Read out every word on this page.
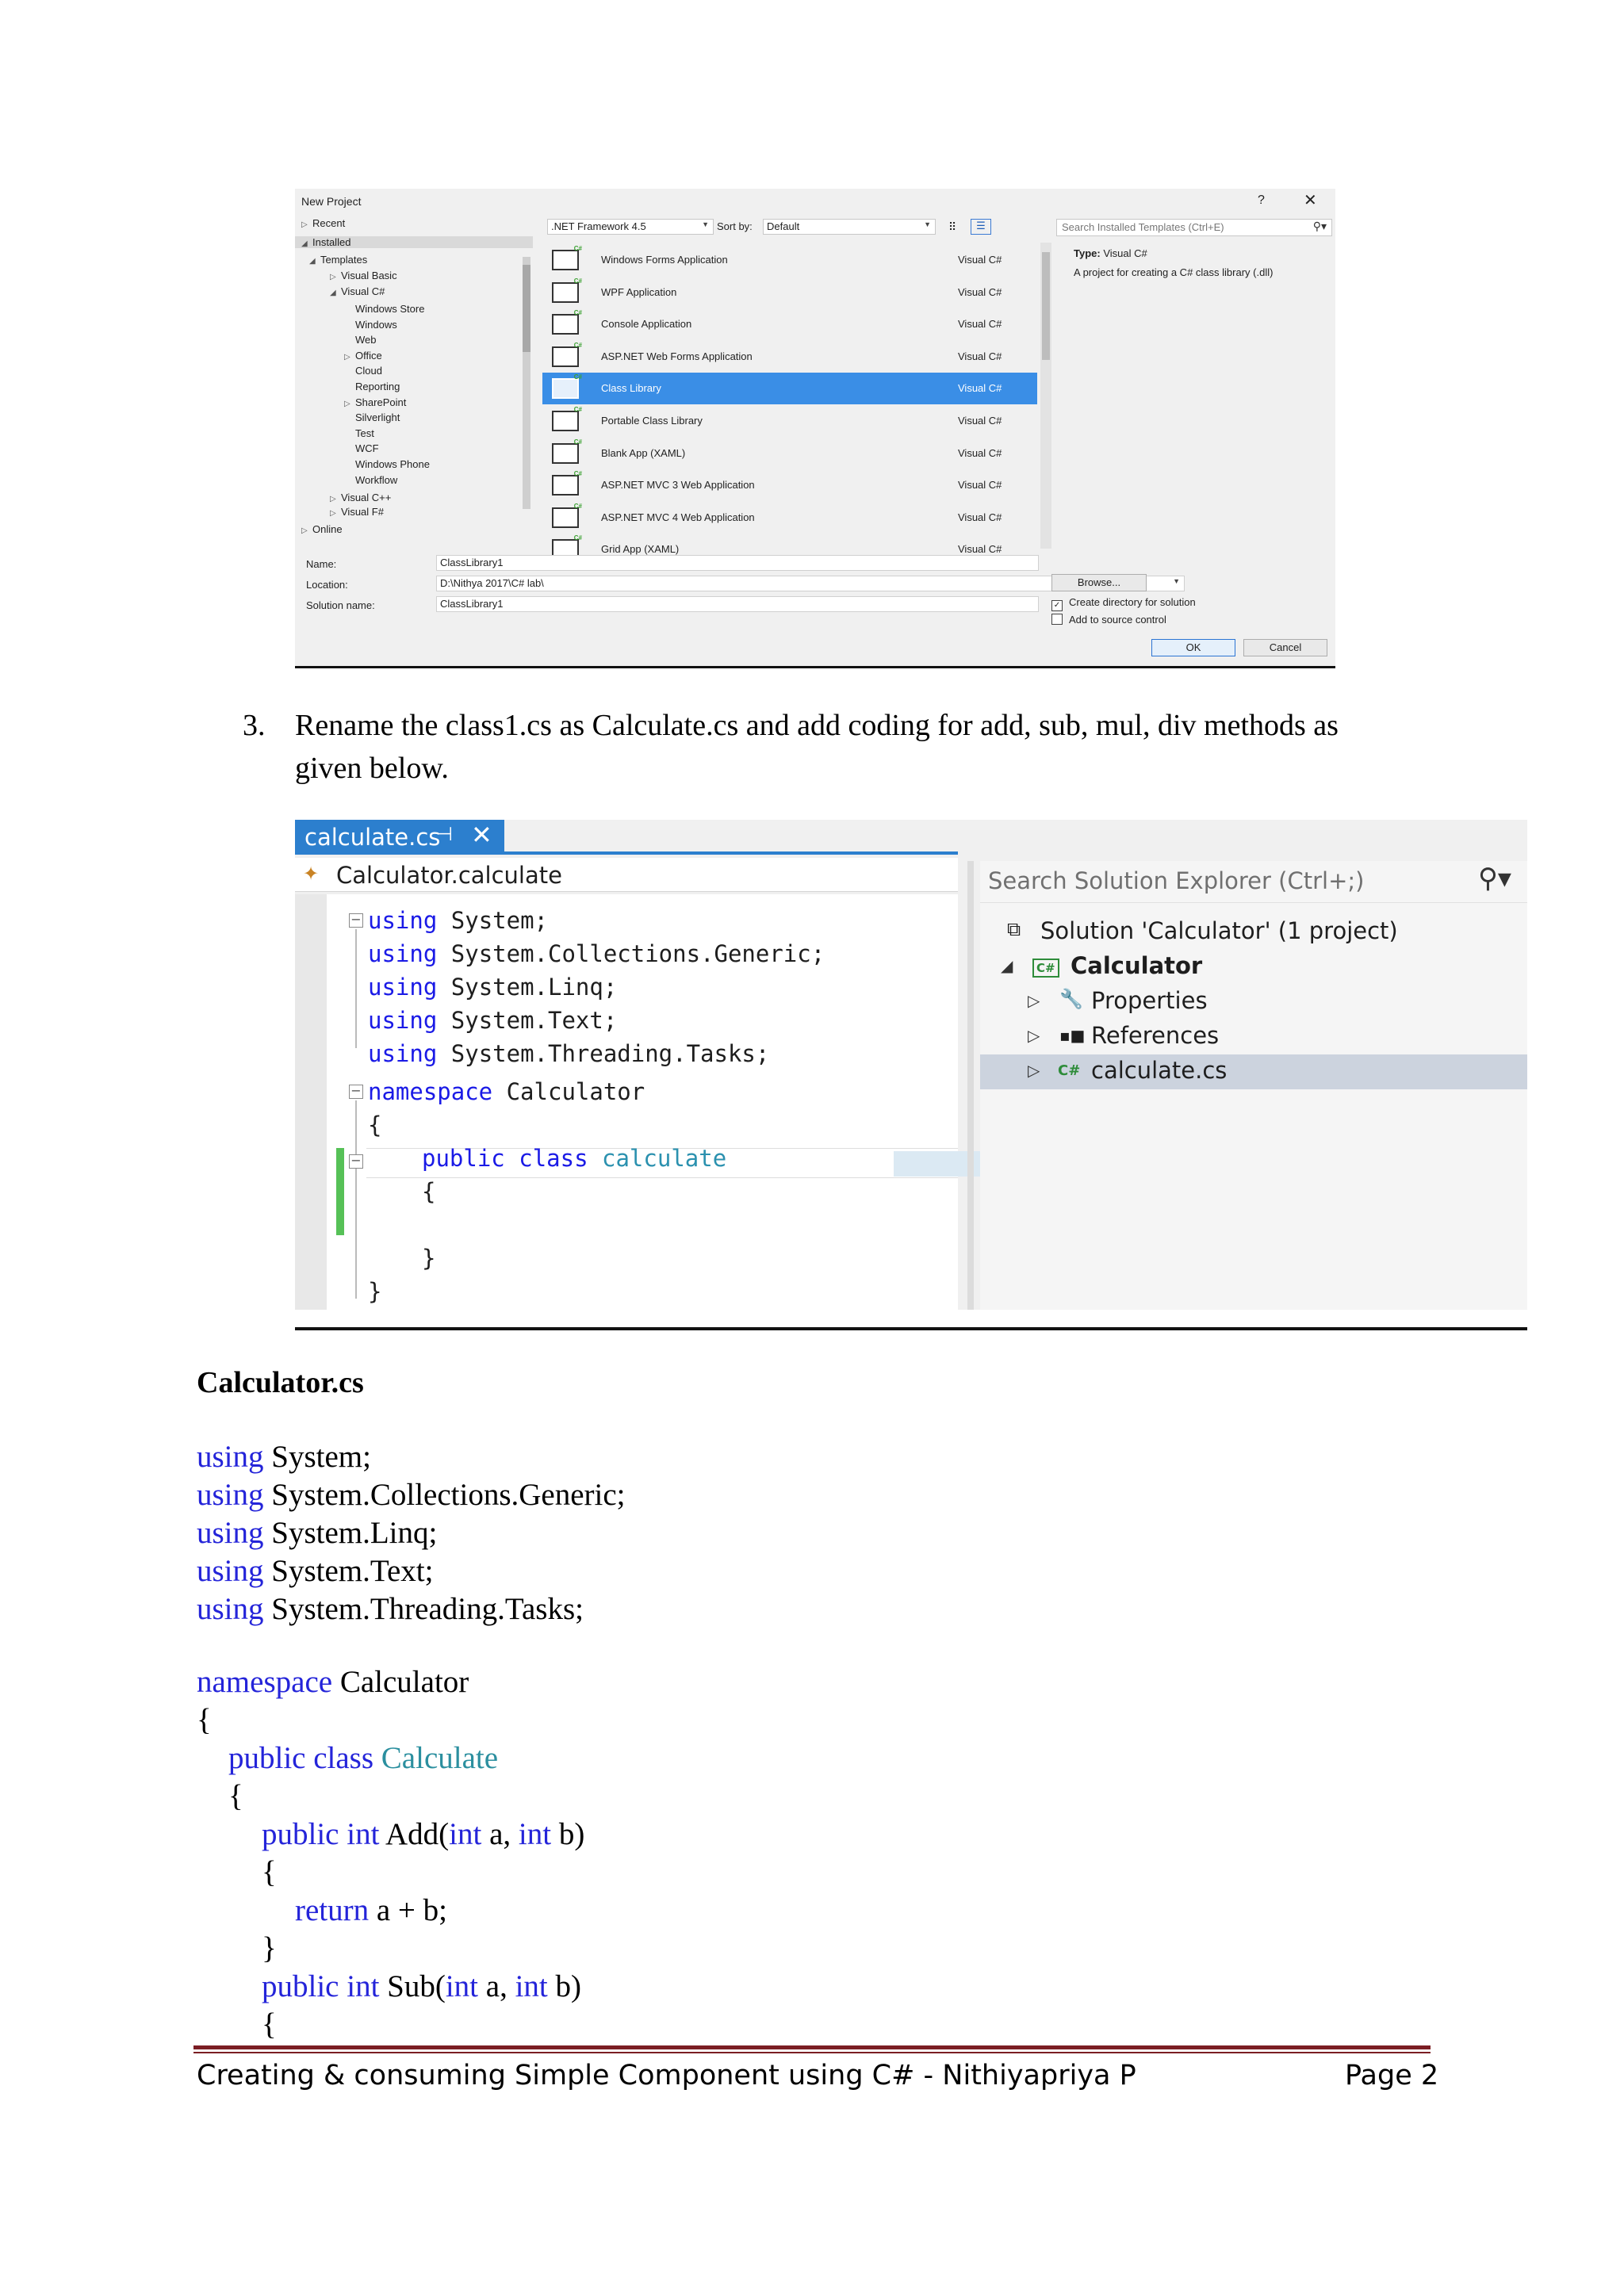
New Project	? ✕
▷ Recent
◢ Installed
◢ Templates
▷ Visual Basic
◢ Visual C#
Windows Store
Windows
Web
▷ Office
Cloud
Reporting
▷ SharePoint
Silverlight
Test
WCF
Windows Phone
Workflow
▷ Visual C++
▷ Visual F#
▷ Online
.NET Framework 4.5	▼ Sort by:	Default	▼ ⠿	☰	Search Installed Templates (Ctrl+E)	⚲▾
C#
Windows Forms Application	Visual C#
C#
WPF Application	Visual C#
C#
Console Application	Visual C#
C#
ASP.NET Web Forms Application	Visual C#
C#
Class Library	Visual C#
C#
Portable Class Library	Visual C#
C#
Blank App (XAML)	Visual C#
C#
ASP.NET MVC 3 Web Application	Visual C#
C#
ASP.NET MVC 4 Web Application	Visual C#
C#
Grid App (XAML)	Visual C#
Type: Visual C#
A project for creating a C# class library (.dll)
Name:	ClassLibrary1
Location:	D:\Nithya 2017\C# lab\	▼
Solution name:	ClassLibrary1
Browse...
✓ Create directory for solution
Add to source control
OK	Cancel
3. Rename the class1.cs as Calculate.cs and add coding for add, sub, mul, div methods as given below.
calculate.cs
⊣ ✕
✦ Calculator.calculate
− using System;
using System.Collections.Generic;
using System.Linq;
using System.Text;
using System.Threading.Tasks;
− namespace Calculator
{
−	public class calculate
{
}
}
Search Solution Explorer (Ctrl+;)	⚲▾
⧉ Solution 'Calculator' (1 project)
◢	C# Calculator
▷ 🔧 Properties
▷ ▪■ References
▷ C# calculate.cs
Calculator.cs
using System;
using System.Collections.Generic;
using System.Linq;
using System.Text;
using System.Threading.Tasks;
namespace Calculator
{
public class Calculate
{
public int Add(int a, int b)
{
return a + b;
}
public int Sub(int a, int b)
{
Creating & consuming Simple Component using C# - Nithiyapriya P	Page 2
